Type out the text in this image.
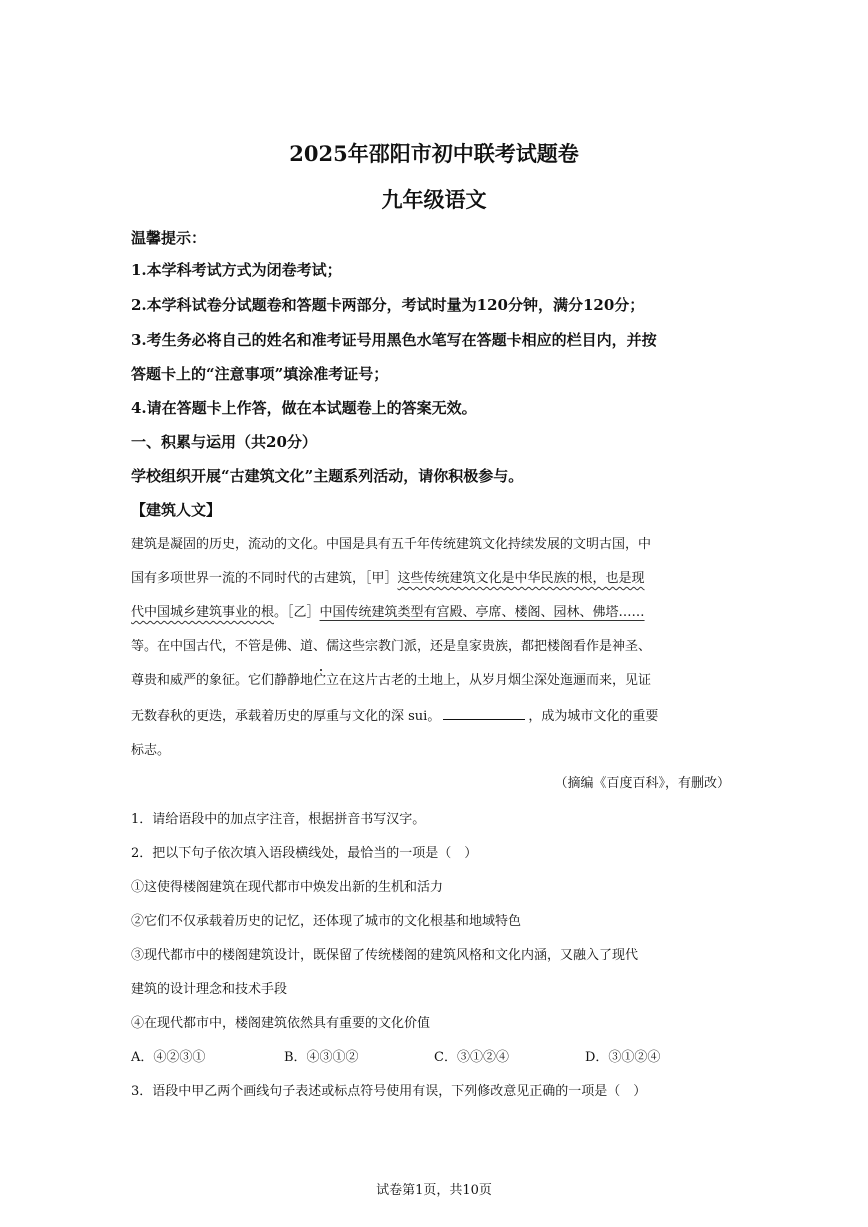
2025年邵阳市初中联考试题卷
九年级语文
温馨提示：
1.本学科考试方式为闭卷考试；
2.本学科试卷分试题卷和答题卡两部分，考试时量为120分钟，满分120分；
3.考生务必将自己的姓名和准考证号用黑色水笔写在答题卡相应的栏目内，并按
答题卡上的“注意事项”填涂准考证号；
4.请在答题卡上作答，做在本试题卷上的答案无效。
一、积累与运用（共20分）
学校组织开展“古建筑文化”主题系列活动，请你积极参与。
【建筑人文】
建筑是凝固的历史，流动的文化。中国是具有五千年传统建筑文化持续发展的文明古国，中
国有多项世界一流的不同时代的古建筑，［甲］这些传统建筑文化是中华民族的根，也是现
代中国城乡建筑事业的根。［乙］中国传统建筑类型有宫殿、亭席、楼阁、园林、佛塔……
等。在中国古代，不管是佛、道、儒这些宗教门派，还是皇家贵族，都把楼阁看作是神圣、
尊贵和威严的象征。它们静静地伫立在这片古老的土地上，从岁月烟尘深处迤逦而来，见证
无数春秋的更迭，承载着历史的厚重与文化的深 sui。	，成为城市文化的重要
标志。
（摘编《百度百科》，有删改）
1．请给语段中的加点字注音，根据拼音书写汉字。
2．把以下句子依次填入语段横线处，最恰当的一项是（　）
①这使得楼阁建筑在现代都市中焕发出新的生机和活力
②它们不仅承载着历史的记忆，还体现了城市的文化根基和地域特色
③现代都市中的楼阁建筑设计，既保留了传统楼阁的建筑风格和文化内涵，又融入了现代
建筑的设计理念和技术手段
④在现代都市中，楼阁建筑依然具有重要的文化价值
A．④②③①	B．④③①②	C．③①②④	D．③①②④
3．语段中甲乙两个画线句子表述或标点符号使用有误，下列修改意见正确的一项是（　）
试卷第1页，共10页
